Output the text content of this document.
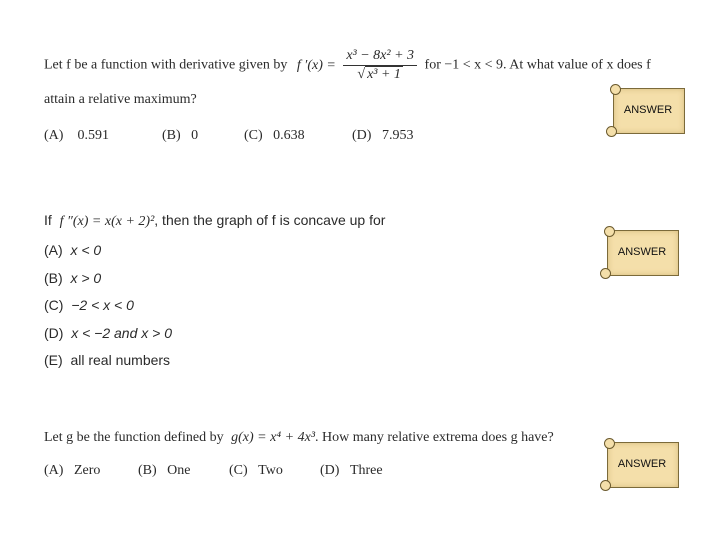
Let f be a function with derivative given by f $'(x) = \frac{\text{x³ − 8x² + 3}}{\text{√ x³ + 1}}$ for −1 < x < 9. At what value of x does f
attain a relative maximum?
(A) 0.591	(B) 0	(C) 0.638	(D) 7.953
ANSWER
If f ″(x) = x(x + 2)², then the graph of f is concave up for
(A) x < 0
(B) x > 0
(C) −2 < x < 0
(D) x < −2 and x > 0
(E) all real numbers
ANSWER
Let g be the function defined by g(x) = x⁴ + 4x³. How many relative extrema does g have?
(A) Zero	(B) One	(C) Two	(D) Three	ANSWER
